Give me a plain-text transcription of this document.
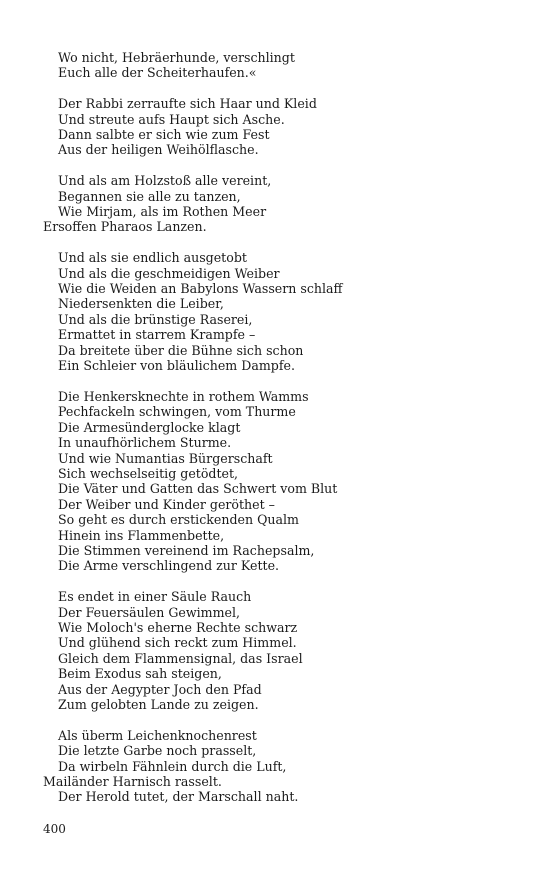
Wo nicht, Hebräerhunde, verschlingt
Euch alle der Scheiterhaufen.«
Der Rabbi zerraufte sich Haar und Kleid
Und streute aufs Haupt sich Asche.
Dann salbte er sich wie zum Fest
Aus der heiligen Weihölflasche.
Und als am Holzstoß alle vereint,
Begannen sie alle zu tanzen,
Wie Mirjam, als im Rothen Meer
Ersoffen Pharaos Lanzen.
Und als sie endlich ausgetobt
Und als die geschmeidigen Weiber
Wie die Weiden an Babylons Wassern schlaff
Niedersenkten die Leiber,
Und als die brünstige Raserei,
Ermattet in starrem Krampfe –
Da breitete über die Bühne sich schon
Ein Schleier von bläulichem Dampfe.
Die Henkersknechte in rothem Wamms
Pechfackeln schwingen, vom Thurme
Die Armesünderglocke klagt
In unaufhörlichem Sturme.
Und wie Numantias Bürgerschaft
Sich wechselseitig getödtet,
Die Väter und Gatten das Schwert vom Blut
Der Weiber und Kinder geröthet –
So geht es durch erstickenden Qualm
Hinein ins Flammenbette,
Die Stimmen vereinend im Rachepsalm,
Die Arme verschlingend zur Kette.
Es endet in einer Säule Rauch
Der Feuersäulen Gewimmel,
Wie Moloch's eherne Rechte schwarz
Und glühend sich reckt zum Himmel.
Gleich dem Flammensignal, das Israel
Beim Exodus sah steigen,
Aus der Aegypter Joch den Pfad
Zum gelobten Lande zu zeigen.
Als überm Leichenknochenrest
Die letzte Garbe noch prasselt,
Da wirbeln Fähnlein durch die Luft,
Mailänder Harnisch rasselt.
Der Herold tutet, der Marschall naht.
400
